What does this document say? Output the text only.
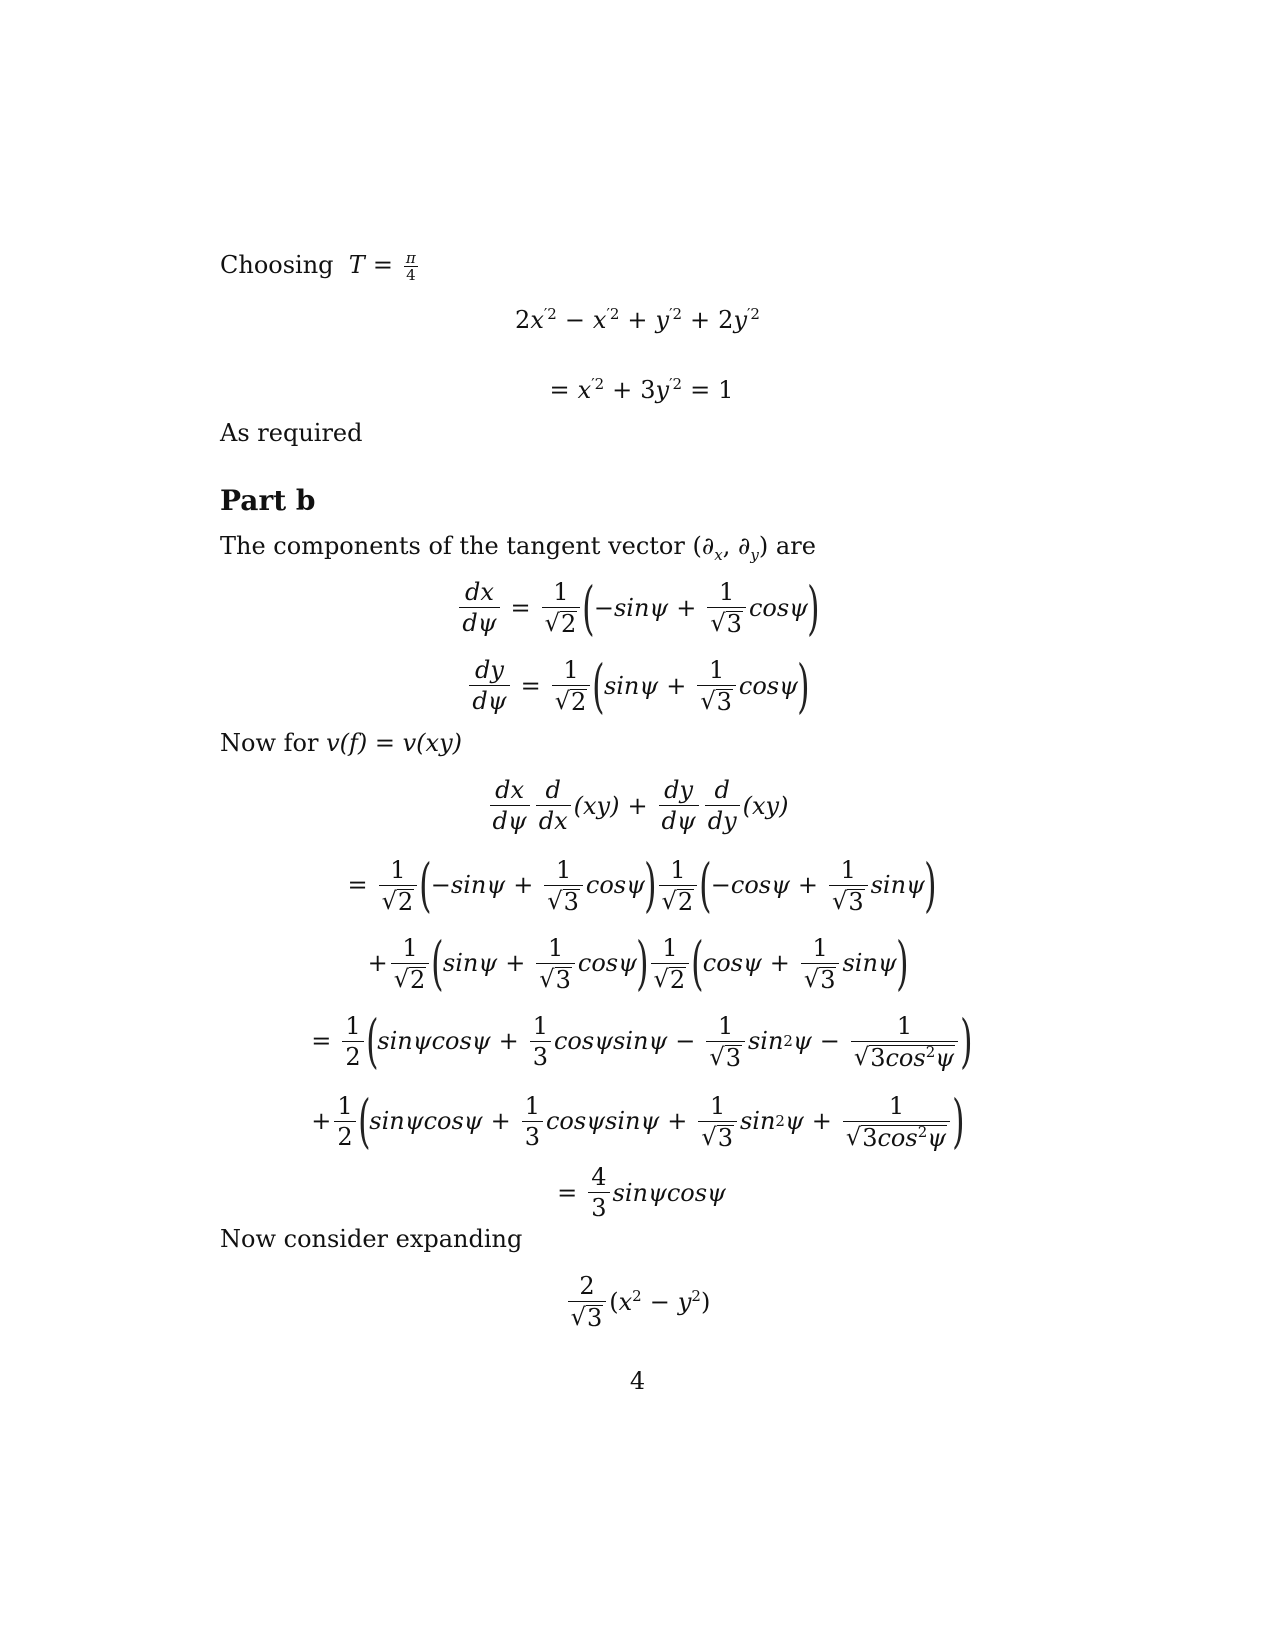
Choosing  $T = \frac{\pi}{4}$
$2x^{'2} - x^{'2} + y^{'2} + 2y^{'2}$
= $x^{'2} + 3y^{'2} = 1$
As required
Part b
The components of the tangent vector ($\partial_x$, $\partial_y$) are
$\frac{dx}{d\psi} = \frac{1}{√ 2}$ ( $-\sin\psi + \frac{1}{√ 3}$ cosψ )
$\frac{dy}{d\psi} = \frac{1}{√ 2}$ ( $\sin\psi + \frac{1}{√ 3}$ cosψ )
Now for v(f) = v(xy)
$\frac{dx}{d\psi} \frac{d}{dx} (xy) + \frac{dy}{d\psi} \frac{d}{dy} (xy)$
= $\frac{1}{√ 2}$ ( $-\sin\psi + \frac{1}{√ 3}$ cosψ ) $\frac{1}{√ 2}$ ( $-\cos\psi + \frac{1}{√ 3}$ sinψ )
+ $\frac{1}{√ 2}$ ( $\sin\psi + \frac{1}{√ 3}$ cosψ ) $\frac{1}{√ 2}$ ( $\cos\psi + \frac{1}{√ 3}$ sinψ )
= $\frac{1}{2}$ ( $\sin\psi\cos\psi + \frac{1}{3}$ $\cos\psi\sin\psi - \frac{1}{√ 3}$ sin 2 $\psi - \frac{1}{√ 3\cos^2\psi}$ )
+ $\frac{1}{2}$ ( $\sin\psi\cos\psi + \frac{1}{3}$ $\cos\psi\sin\psi + \frac{1}{√ 3}$ sin 2 $\psi + \frac{1}{√ 3\cos^2\psi}$ )
= $\frac{4}{3}$ sinψcosψ
Now consider expanding
$\frac{2}{√ 3} (x^2 - y^2)$
4
